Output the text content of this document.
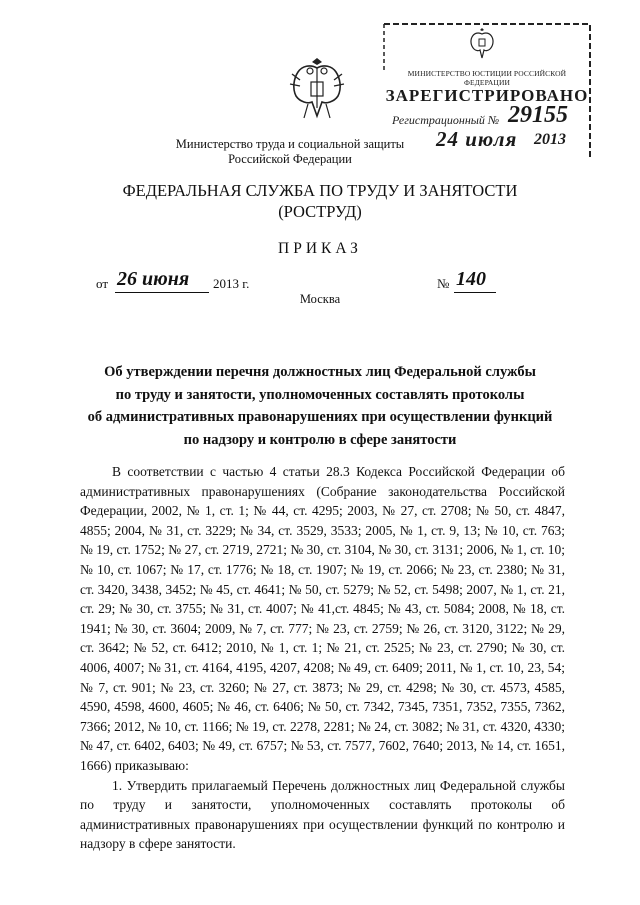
Министерство труда и социальной защиты
Российской Федерации
МИНИСТЕРСТВО ЮСТИЦИИ РОССИЙСКОЙ ФЕДЕРАЦИИ
ЗАРЕГИСТРИРОВАНО
Регистрационный № 29155
24 июля 2013
ФЕДЕРАЛЬНАЯ СЛУЖБА ПО ТРУДУ И ЗАНЯТОСТИ
(РОСТРУД)
ПРИКАЗ
от 26 июня 2013 г.	№ 140
Москва
Об утверждении перечня должностных лиц Федеральной службы
по труду и занятости, уполномоченных составлять протоколы
об административных правонарушениях при осуществлении функций
по надзору и контролю в сфере занятости

В соответствии с частью 4 статьи 28.3 Кодекса Российской Федерации об административных правонарушениях (Собрание законодательства Российской Федерации, 2002, № 1, ст. 1; № 44, ст. 4295; 2003, № 27, ст. 2708; № 50, ст. 4847, 4855; 2004, № 31, ст. 3229; № 34, ст. 3529, 3533; 2005, № 1, ст. 9, 13; № 10, ст. 763; № 19, ст. 1752; № 27, ст. 2719, 2721; № 30, ст. 3104, № 30, ст. 3131; 2006, № 1, ст. 10; № 10, ст. 1067; № 17, ст. 1776; № 18, ст. 1907; № 19, ст. 2066; № 23, ст. 2380; № 31, ст. 3420, 3438, 3452; № 45, ст. 4641; № 50, ст. 5279; № 52, ст. 5498; 2007, № 1, ст. 21, ст. 29; № 30, ст. 3755; № 31, ст. 4007; № 41,ст. 4845; № 43, ст. 5084; 2008, № 18, ст. 1941; № 30, ст. 3604; 2009, № 7, ст. 777; № 23, ст. 2759; № 26, ст. 3120, 3122; № 29, ст. 3642; № 52, ст. 6412; 2010, № 1, ст. 1; № 21, ст. 2525; № 23, ст. 2790; № 30, ст. 4006, 4007; № 31, ст. 4164, 4195, 4207, 4208; № 49, ст. 6409; 2011, № 1, ст. 10, 23, 54; № 7, ст. 901; № 23, ст. 3260; № 27, ст. 3873; № 29, ст. 4298; № 30, ст. 4573, 4585, 4590, 4598, 4600, 4605; № 46, ст. 6406; № 50, ст. 7342, 7345, 7351, 7352, 7355, 7362, 7366; 2012, № 10, ст. 1166; № 19, ст. 2278, 2281; № 24, ст. 3082; № 31, ст. 4320, 4330; № 47, ст. 6402, 6403; № 49, ст. 6757; № 53, ст. 7577, 7602, 7640; 2013, № 14, ст. 1651, 1666) приказываю:

1. Утвердить прилагаемый Перечень должностных лиц Федеральной службы по труду и занятости, уполномоченных составлять протоколы об административных правонарушениях при осуществлении функций по контролю и надзору в сфере занятости.
